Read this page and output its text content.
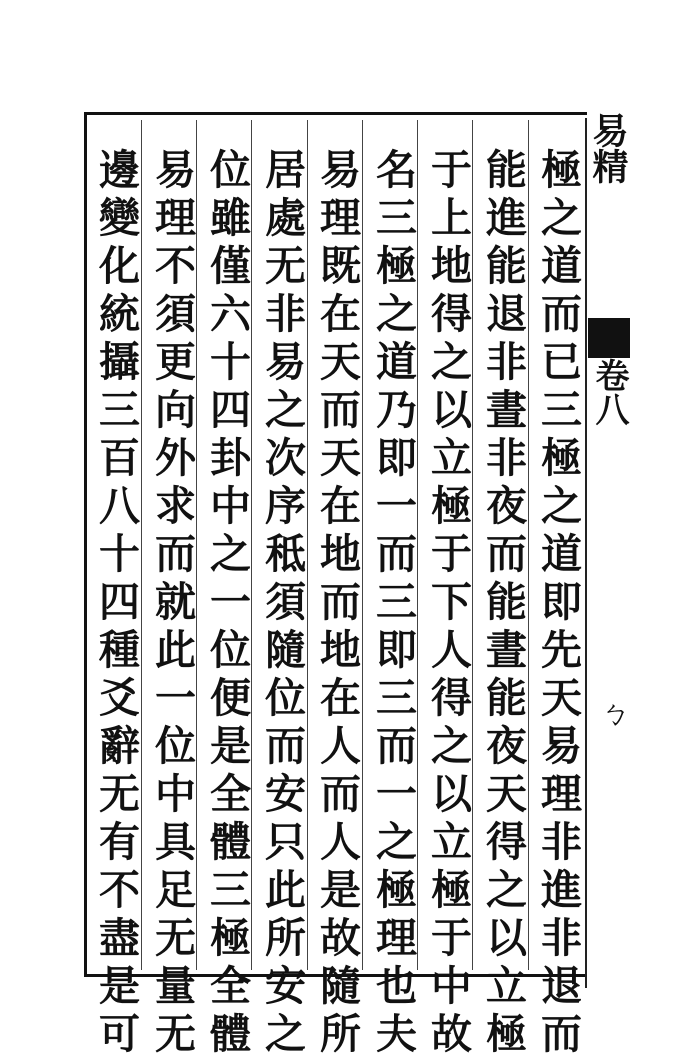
極之道而已三極之道即先天易理非進非退而
能進能退非晝非夜而能晝能夜天得之以立極
于上地得之以立極于下人得之以立極于中故
名三極之道乃即一而三即三而一之極理也夫
易理既在天而天在地而地在人而人是故隨所
居處无非易之次序秪須隨位而安只此所安之
位雖僅六十四卦中之一位便是全體三極全體
易理不須更向外求而就此一位中具足无量无
邊變化統攝三百八十四種爻辭无有不盡是可	易精
卷八
ㄅ
